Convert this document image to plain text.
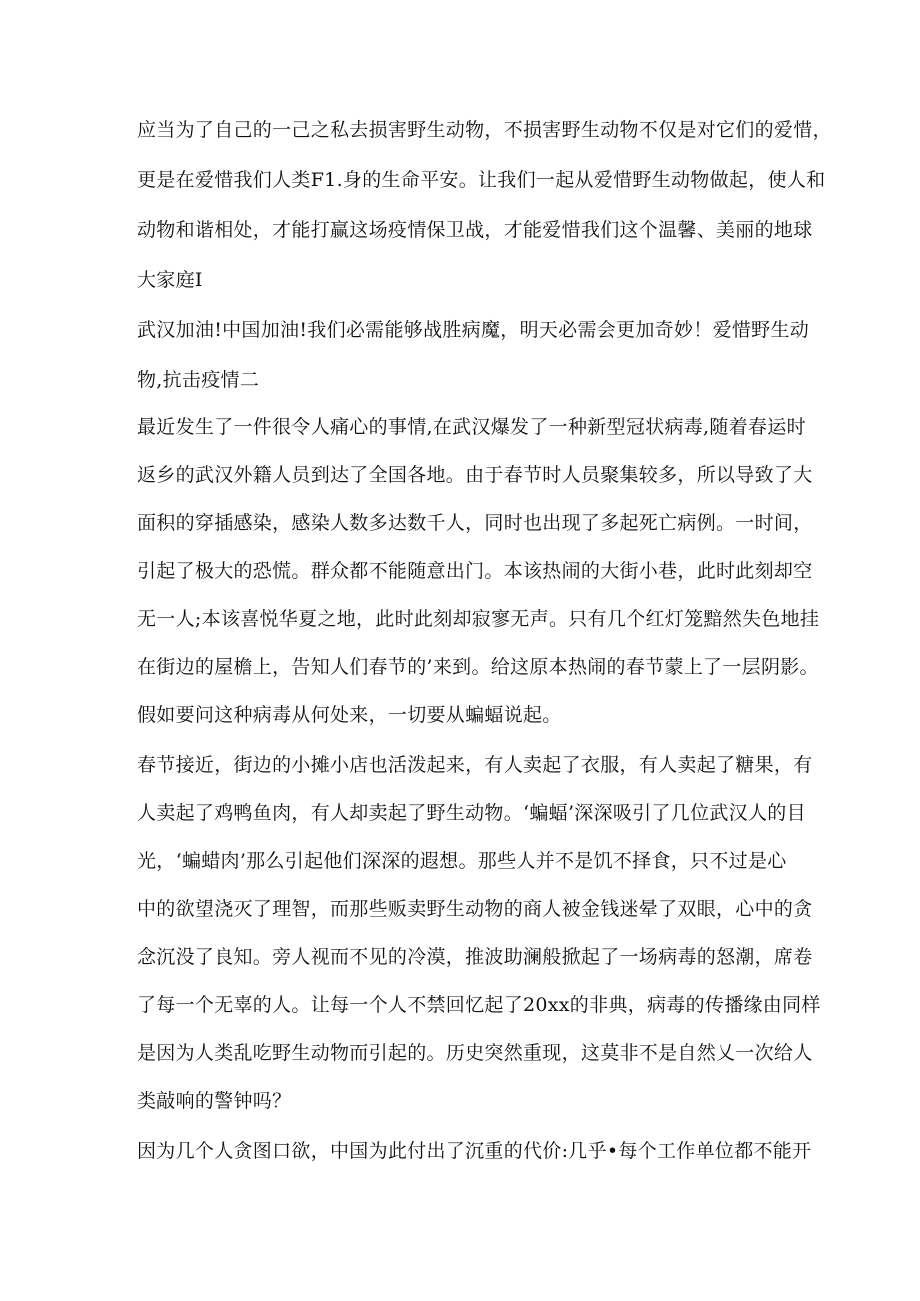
应当为了自己的一己之私去损害野生动物，不损害野生动物不仅是对它们的爱惜，
更是在爱惜我们人类F1.身的生命平安。让我们一起从爱惜野生动物做起，使人和
动物和谐相处，才能打赢这场疫情保卫战，才能爱惜我们这个温馨、美丽的地球
大家庭I
武汉加油!中国加油!我们必需能够战胜病魔，明天必需会更加奇妙！爱惜野生动
物,抗击疫情二
最近发生了一件很令人痛心的事情,在武汉爆发了一种新型冠状病毒,随着春运时
返乡的武汉外籍人员到达了全国各地。由于春节时人员聚集较多，所以导致了大
面积的穿插感染，感染人数多达数千人，同时也出现了多起死亡病例。一时间，
引起了极大的恐慌。群众都不能随意出门。本该热闹的大街小巷，此时此刻却空
无一人;本该喜悦华夏之地，此时此刻却寂寥无声。只有几个红灯笼黯然失色地挂
在街边的屋檐上，告知人们春节的’来到。给这原本热闹的春节蒙上了一层阴影。
假如要问这种病毒从何处来，一切要从蝙蝠说起。
春节接近，街边的小摊小店也活泼起来，有人卖起了衣服，有人卖起了糖果，有
人卖起了鸡鸭鱼肉，有人却卖起了野生动物。‘蝙蝠’深深吸引了几位武汉人的目
光，‘蝙蜡肉’那么引起他们深深的遐想。那些人并不是饥不择食，只不过是心
中的欲望浇灭了理智，而那些贩卖野生动物的商人被金钱迷晕了双眼，心中的贪
念沉没了良知。旁人视而不见的冷漠，推波助澜般掀起了一场病毒的怒潮，席卷
了每一个无辜的人。让每一个人不禁回忆起了20xx的非典，病毒的传播缘由同样
是因为人类乱吃野生动物而引起的。历史突然重现，这莫非不是自然乂一次给人
类敲响的警钟吗？
因为几个人贪图口欲，中国为此付出了沉重的代价:几乎•每个工作单位都不能开
